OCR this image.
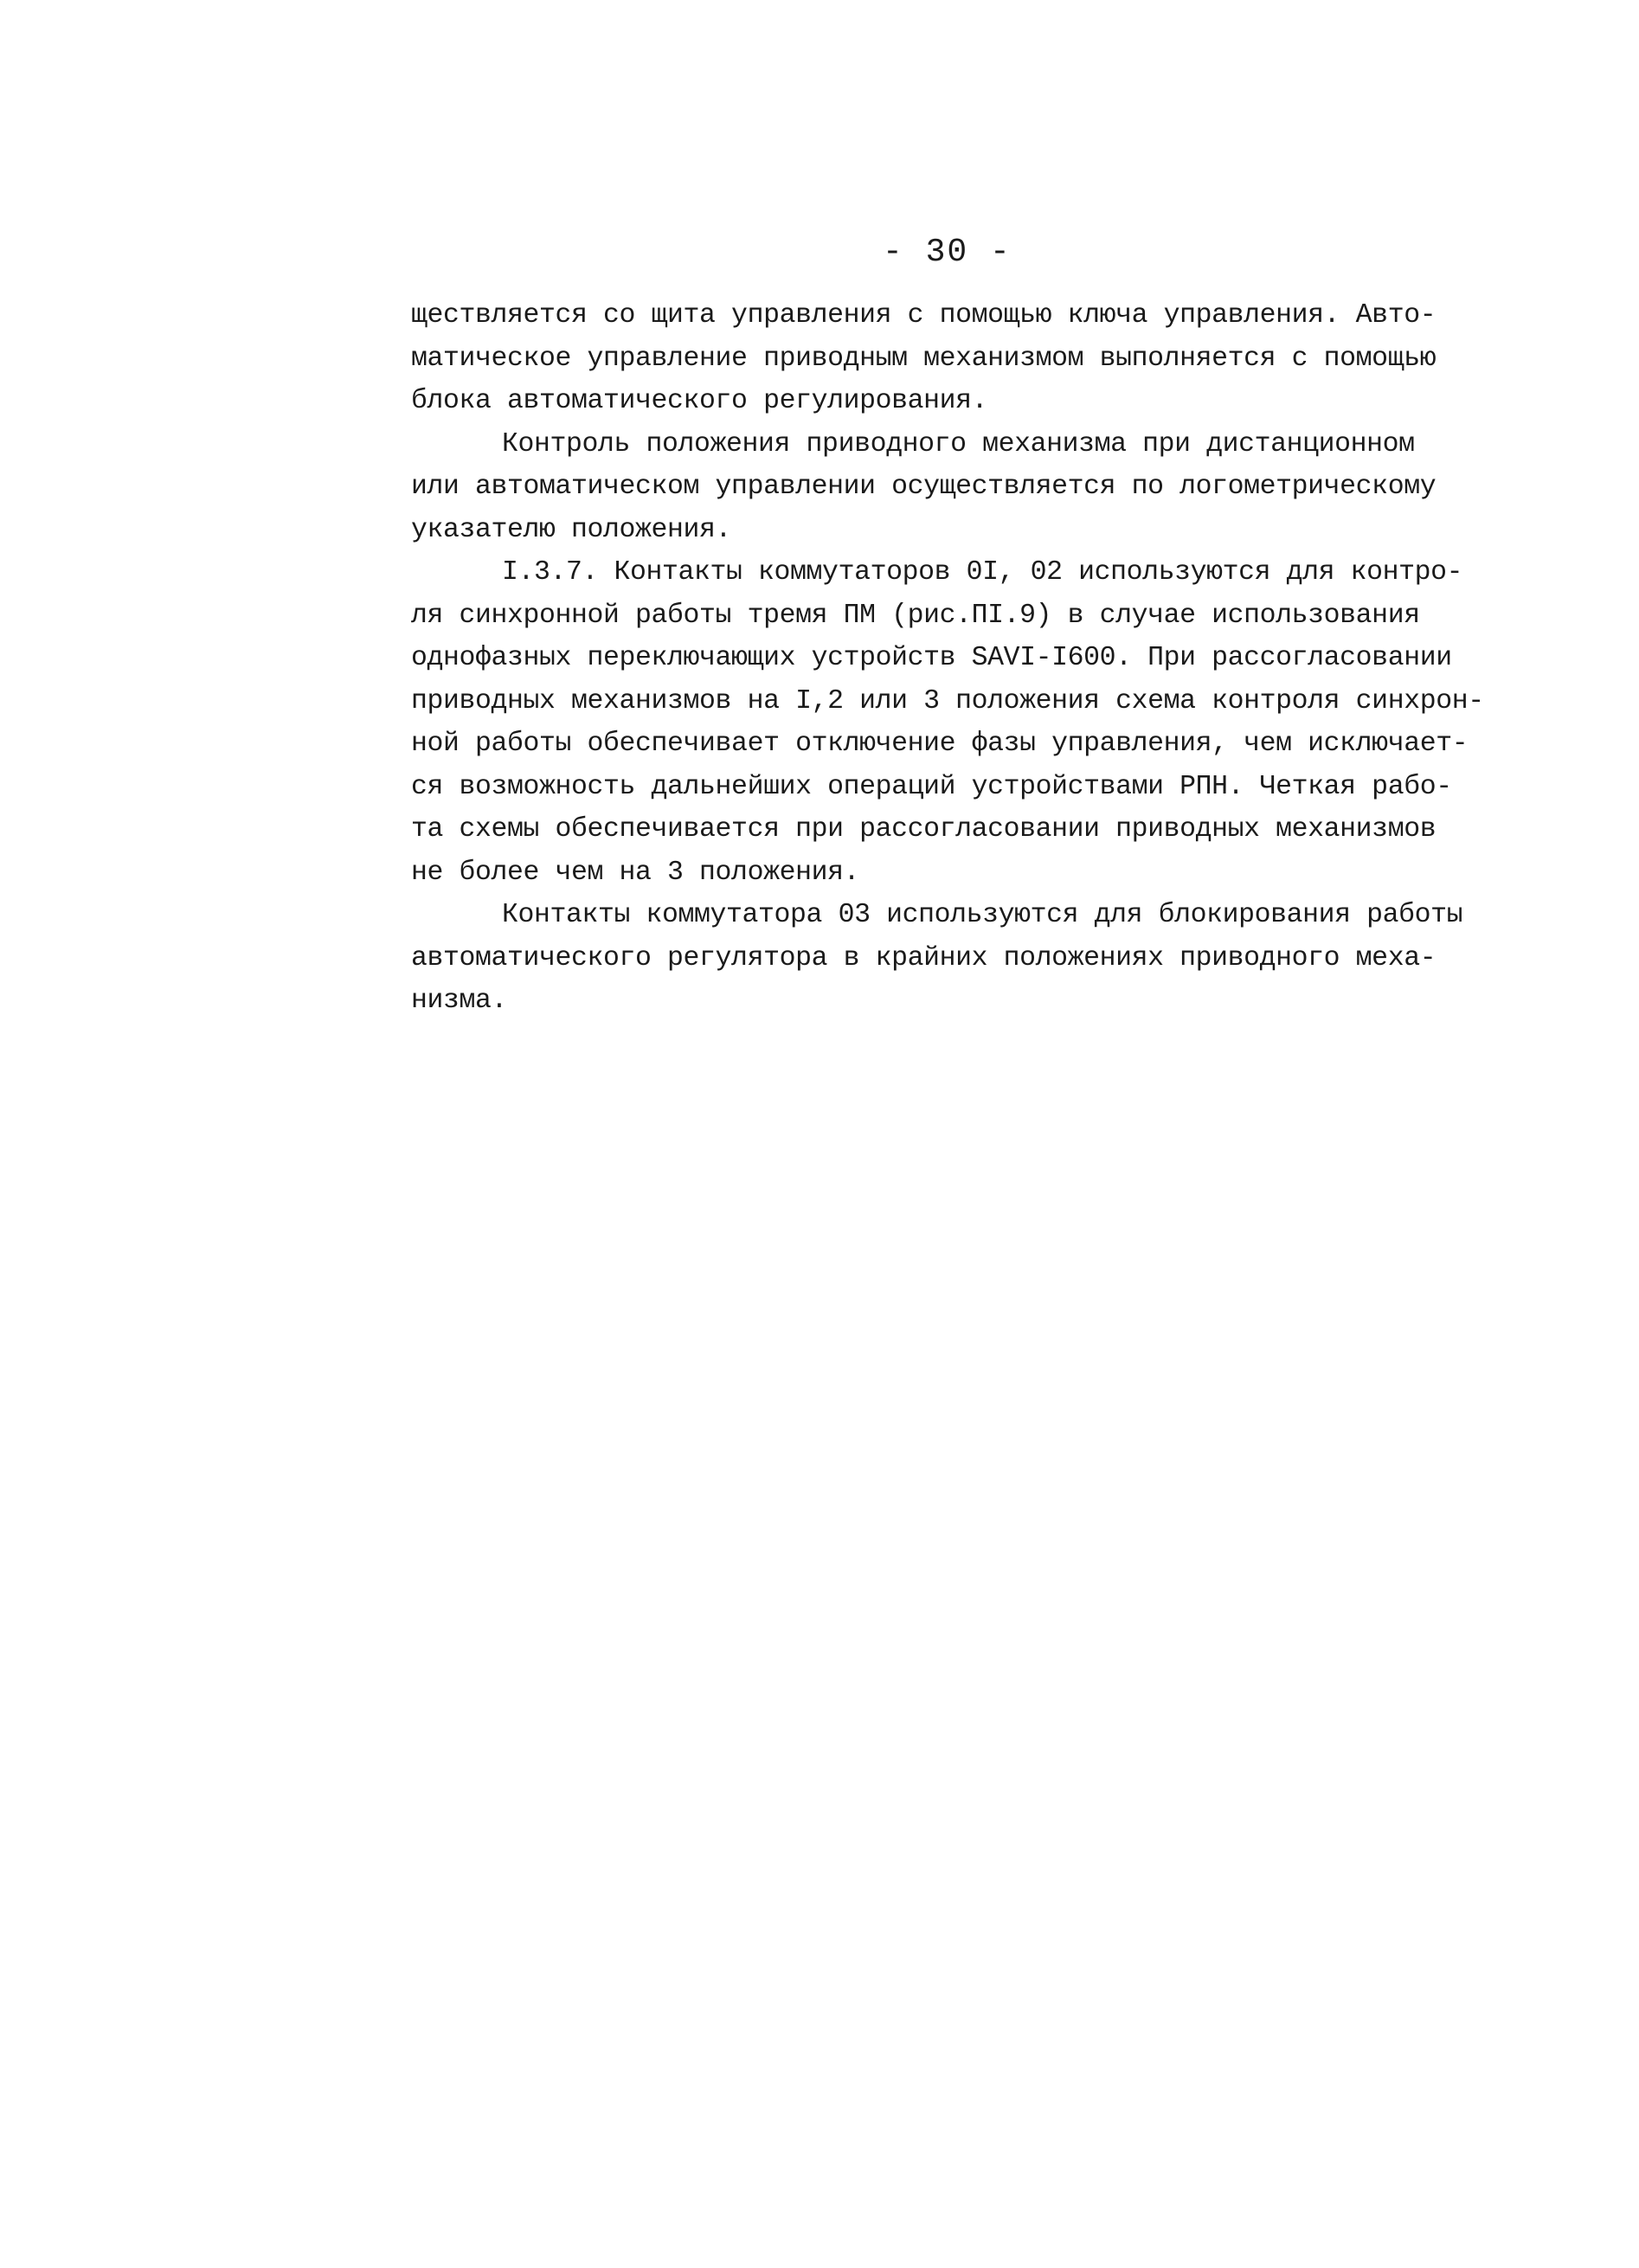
- 30 -
ществляется со щита управления с помощью ключа управления. Авто-
матическое управление приводным механизмом выполняется с помощью
блока автоматического регулирования.
Контроль положения приводного механизма при дистанционном
или автоматическом управлении осуществляется по логометрическому
указателю положения.
I.3.7. Контакты коммутаторов 0I, 02 используются для контро-
ля синхронной работы тремя ПМ (рис.ПI.9) в случае использования
однофазных переключающих устройств SAVI-I600. При рассогласовании
приводных механизмов на I,2 или 3 положения схема контроля синхрон-
ной работы обеспечивает отключение фазы управления, чем исключает-
ся возможность дальнейших операций устройствами РПН. Четкая рабо-
та схемы обеспечивается при рассогласовании приводных механизмов
не более чем на 3 положения.
Контакты коммутатора 03 используются для блокирования работы
автоматического регулятора в крайних положениях приводного меха-
низма.
